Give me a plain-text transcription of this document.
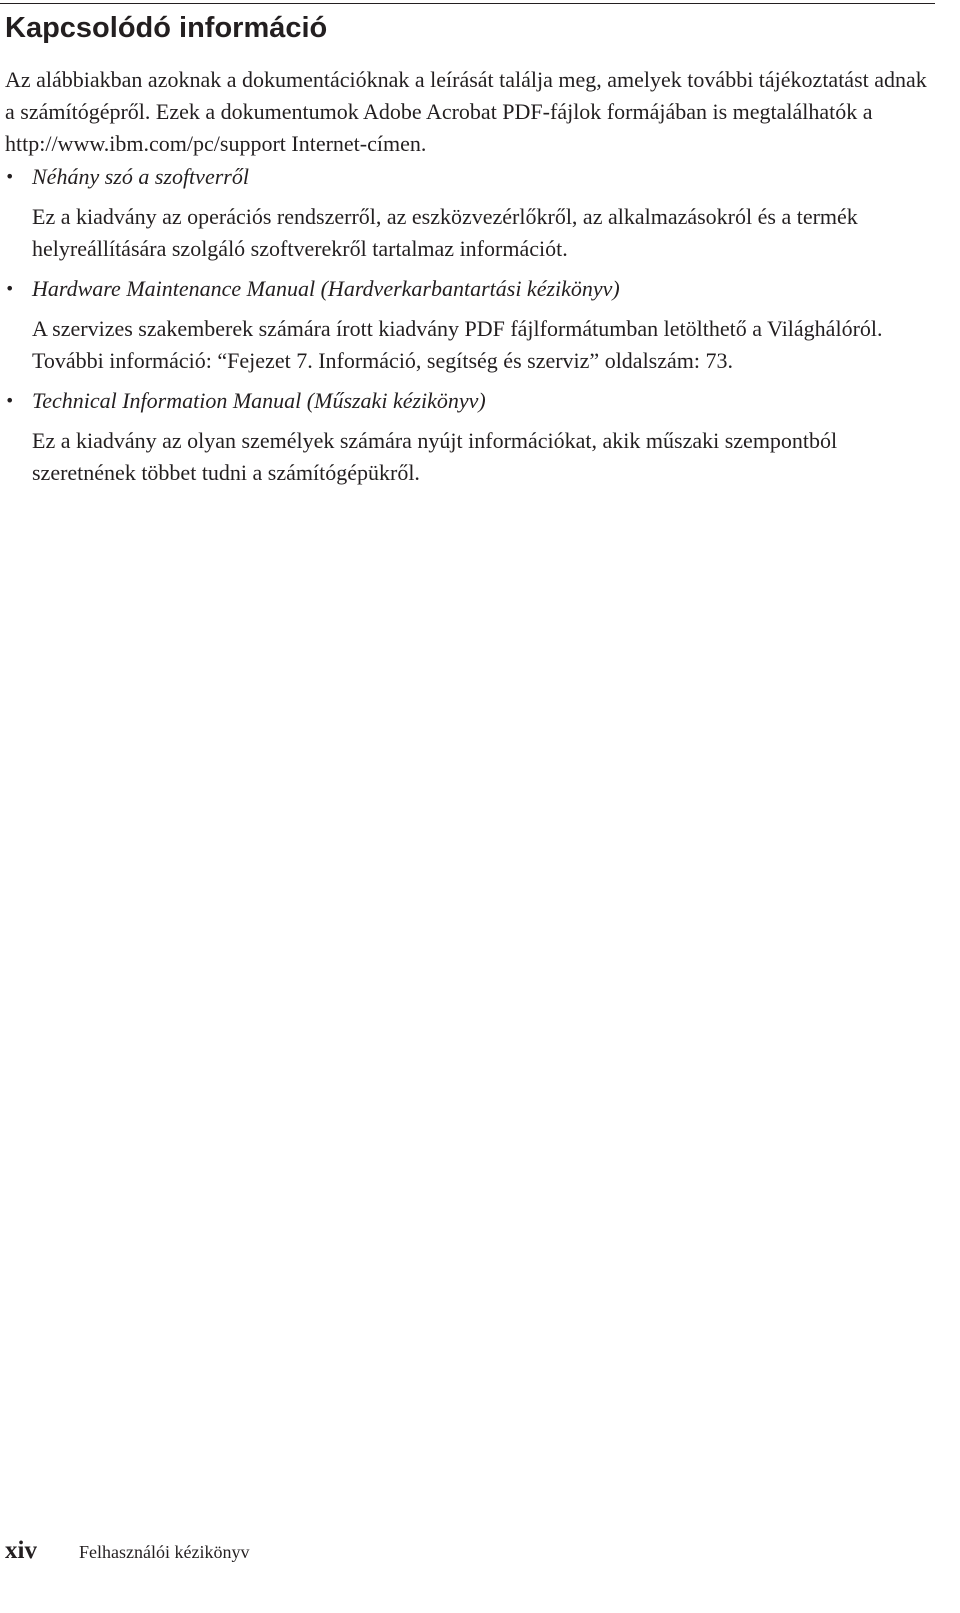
Kapcsolódó információ

Az alábbiakban azoknak a dokumentációknak a leírását találja meg, amelyek további tájékoztatást adnak a számítógépről. Ezek a dokumentumok Adobe Acrobat PDF-fájlok formájában is megtalálhatók a http://www.ibm.com/pc/support Internet-címen.

• Néhány szó a szoftverről

Ez a kiadvány az operációs rendszerről, az eszközvezérlőkről, az alkalmazásokról és a termék helyreállítására szolgáló szoftverekről tartalmaz információt.

• Hardware Maintenance Manual (Hardverkarbantartási kézikönyv)

A szervizes szakemberek számára írott kiadvány PDF fájlformátumban letölthető a Világhálóról. További információ: “Fejezet 7. Információ, segítség és szerviz” oldalszám: 73.

• Technical Information Manual (Műszaki kézikönyv)

Ez a kiadvány az olyan személyek számára nyújt információkat, akik műszaki szempontból szeretnének többet tudni a számítógépükről.

xiv Felhasználói kézikönyv
